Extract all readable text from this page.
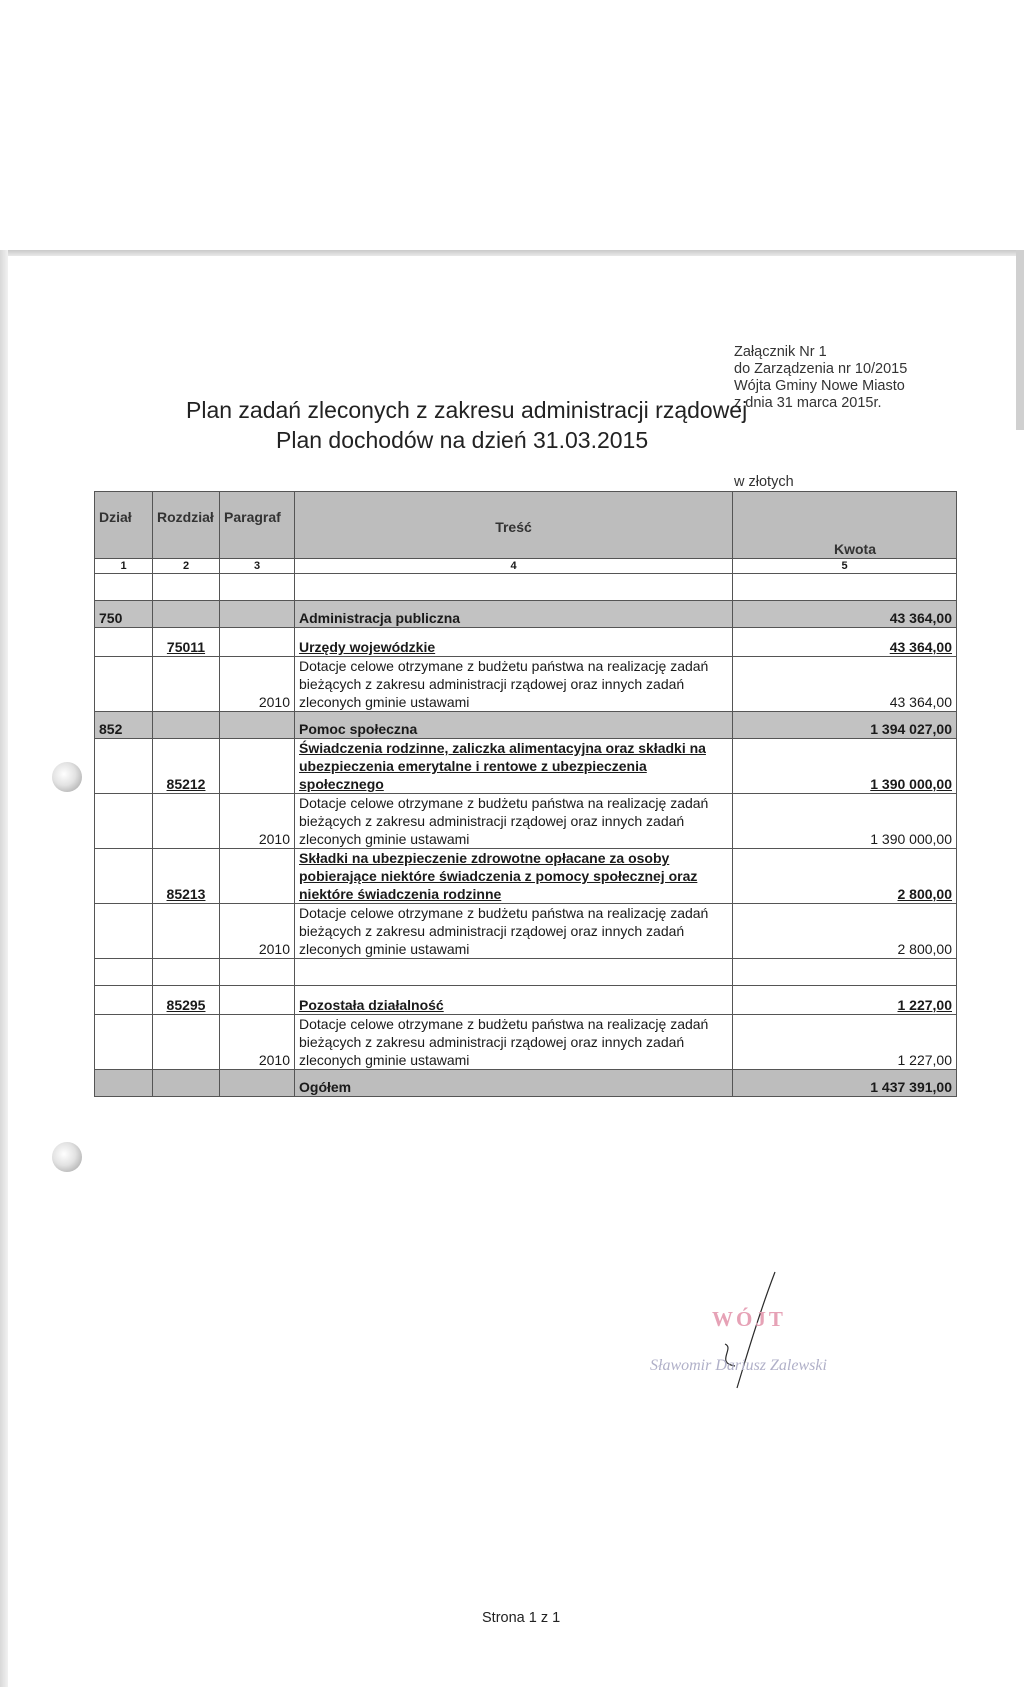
Załącznik Nr 1
do Zarządzenia nr 10/2015
Wójta Gminy Nowe Miasto
z dnia 31 marca 2015r.
Plan zadań zleconych z zakresu administracji rządowej
Plan dochodów na dzień 31.03.2015
w złotych
Dział	Rozdział	Paragraf	Treść	Kwota
1	2	3	4	5

750			Administracja publiczna	43 364,00
	75011		Urzędy wojewódzkie	43 364,00
		2010	Dotacje celowe otrzymane z budżetu państwa na realizację zadań bieżących z zakresu administracji rządowej oraz innych zadań zleconych gminie ustawami	43 364,00
852			Pomoc społeczna	1 394 027,00
	85212		Świadczenia rodzinne, zaliczka alimentacyjna oraz składki na ubezpieczenia emerytalne i rentowe z ubezpieczenia społecznego	1 390 000,00
		2010	Dotacje celowe otrzymane z budżetu państwa na realizację zadań bieżących z zakresu administracji rządowej oraz innych zadań zleconych gminie ustawami	1 390 000,00
	85213		Składki na ubezpieczenie zdrowotne opłacane za osoby pobierające niektóre świadczenia z pomocy społecznej oraz niektóre świadczenia rodzinne	2 800,00
		2010	Dotacje celowe otrzymane z budżetu państwa na realizację zadań bieżących z zakresu administracji rządowej oraz innych zadań zleconych gminie ustawami	2 800,00

	85295		Pozostała działalność	1 227,00
		2010	Dotacje celowe otrzymane z budżetu państwa na realizację zadań bieżących z zakresu administracji rządowej oraz innych zadań zleconych gminie ustawami	1 227,00
			Ogółem	1 437 391,00
WÓJT
Sławomir Dariusz Zalewski
Strona 1 z 1
